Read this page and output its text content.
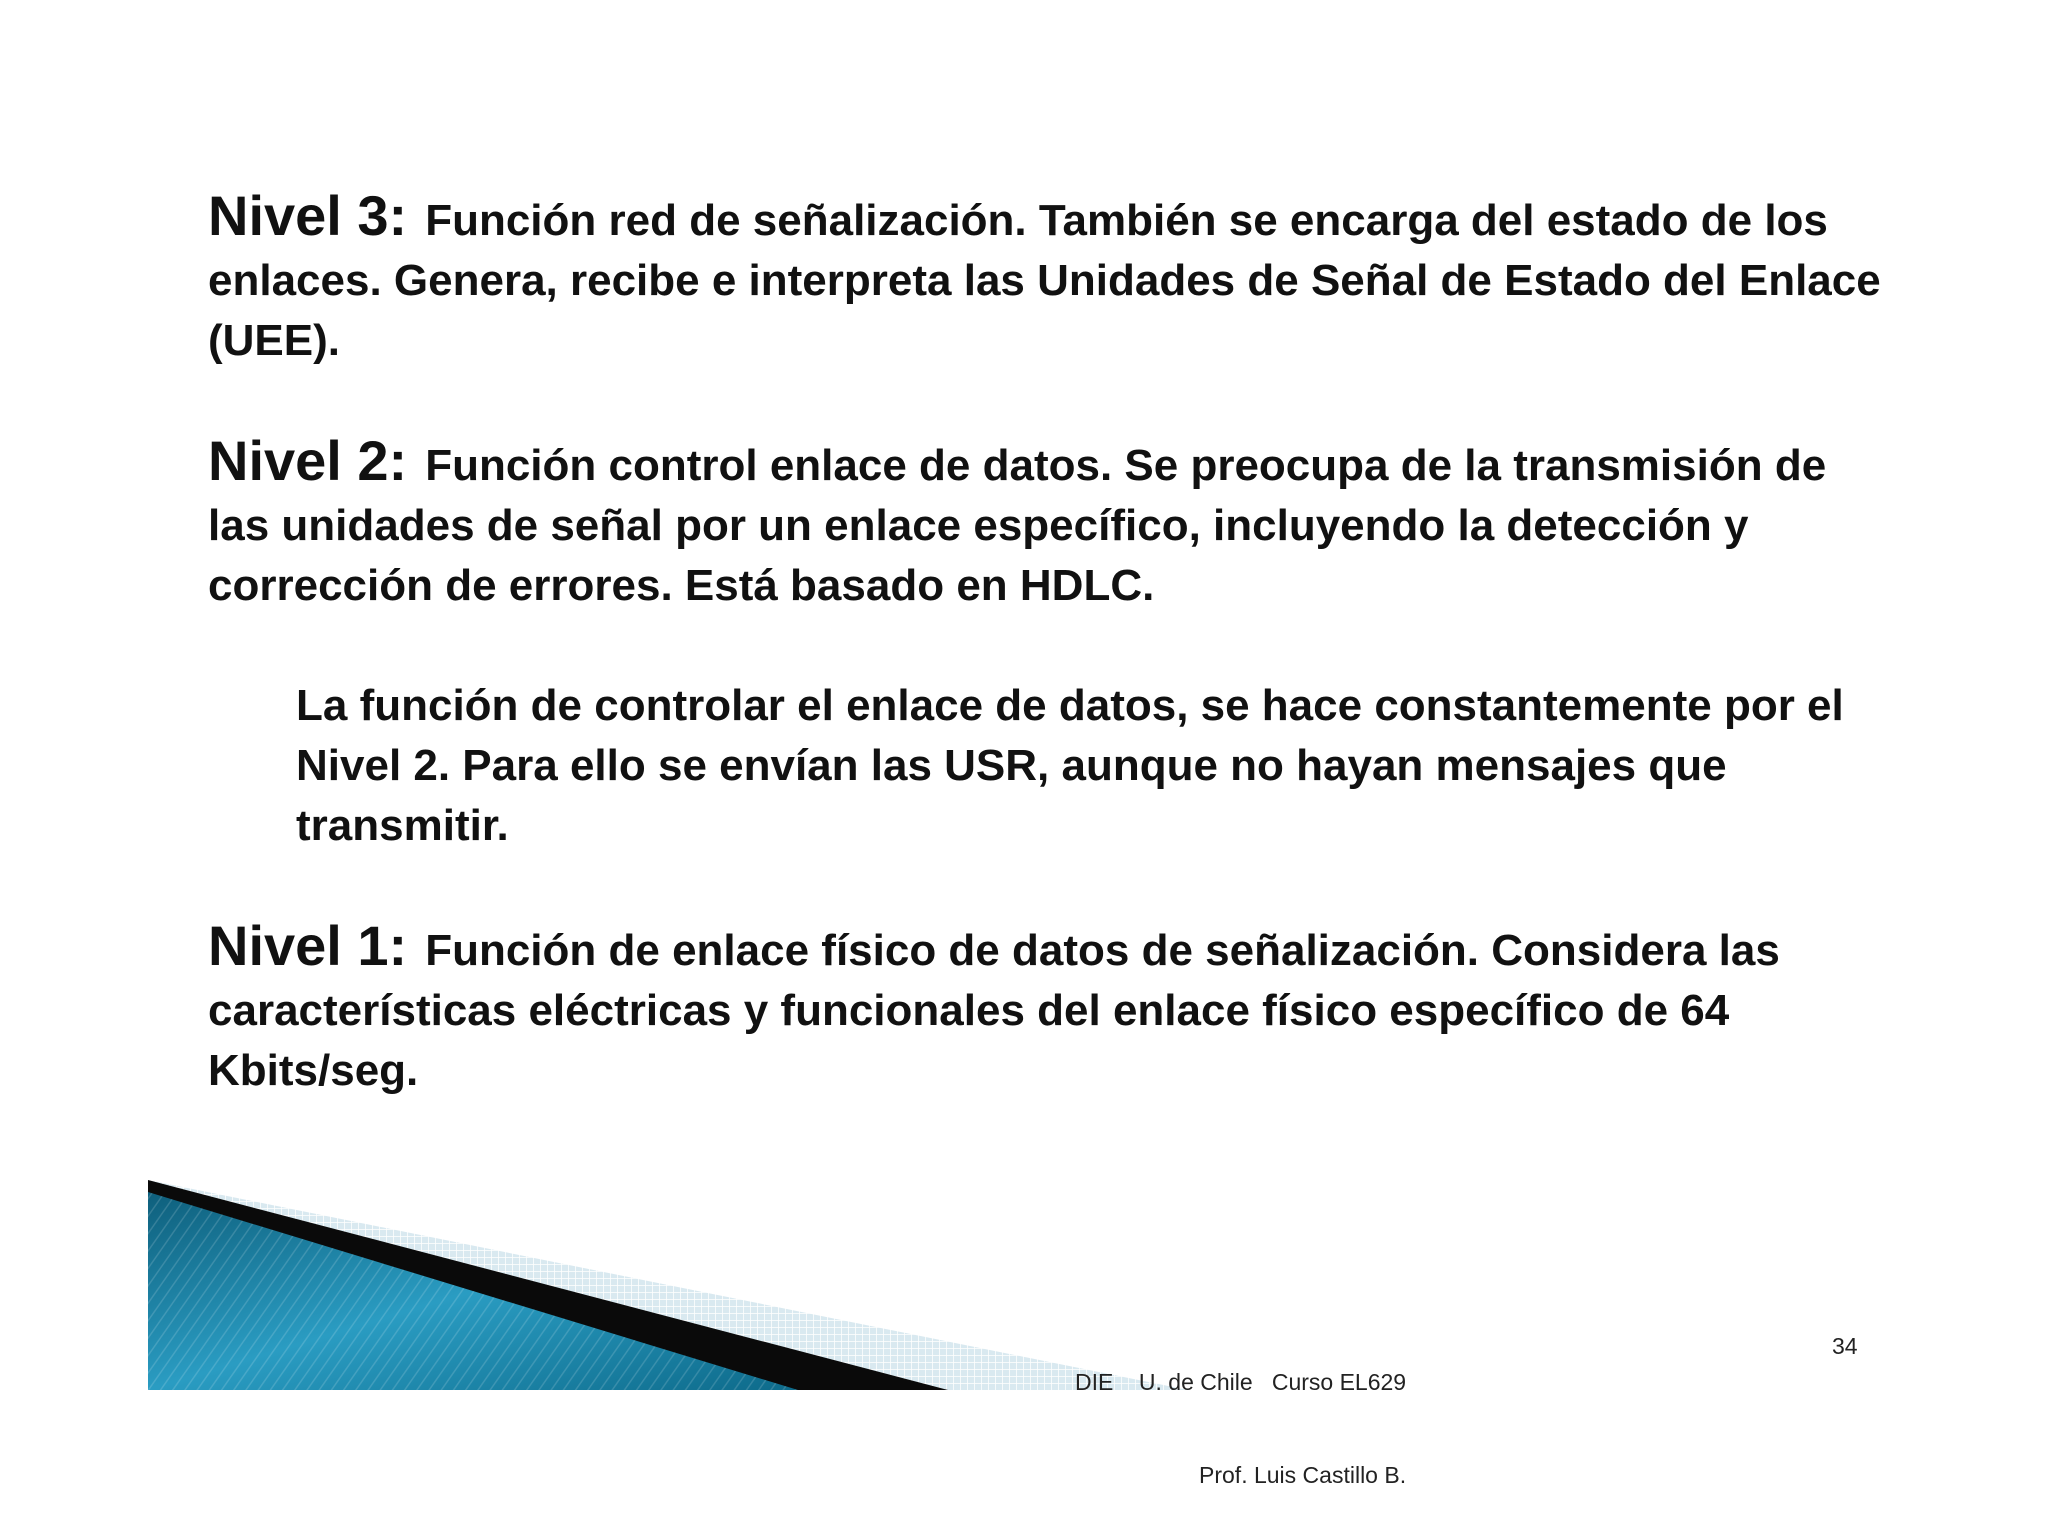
Nivel 3: Función red de señalización. También se encarga del estado de los enlaces. Genera, recibe e interpreta las Unidades de Señal de Estado del Enlace (UEE).

Nivel 2: Función control enlace de datos. Se preocupa de la transmisión de las unidades de señal por un enlace específico, incluyendo la detección y corrección de errores. Está basado en HDLC.

La función de controlar el enlace de datos, se hace constantemente por el Nivel 2. Para ello se envían las USR, aunque no hayan mensajes que transmitir.

Nivel 1: Función de enlace físico de datos de señalización. Considera las características eléctricas y funcionales del enlace físico específico de 64 Kbits/seg.

DIE    U. de Chile   Curso EL629

Prof. Luis Castillo B.

34
